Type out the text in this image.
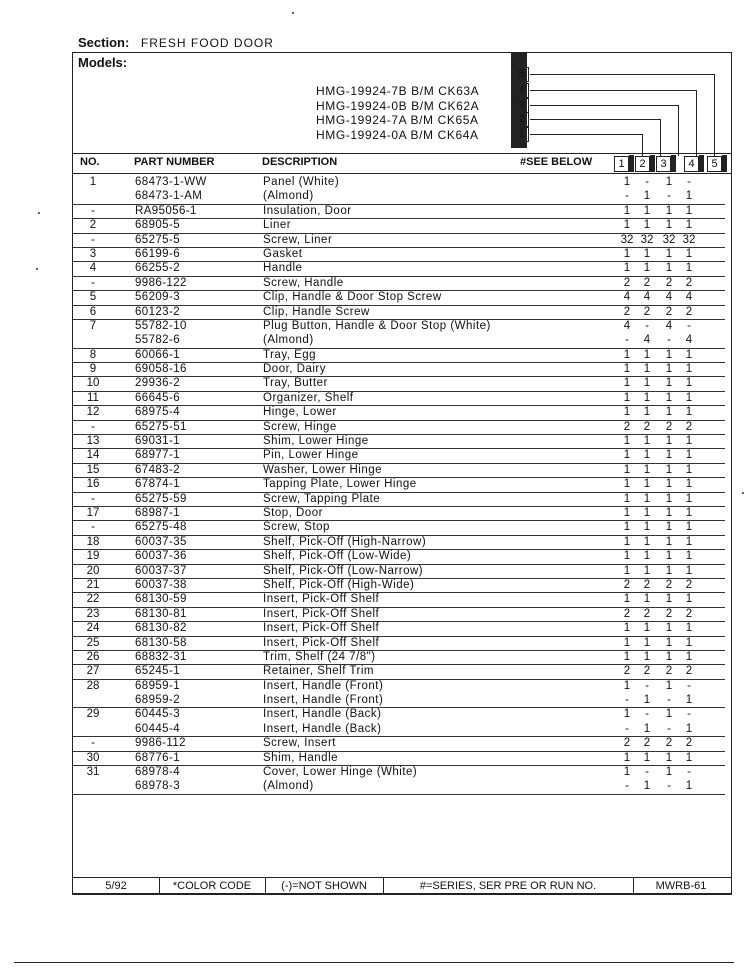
Section: FRESH FOOD DOOR
Models:
5
HMG-19924-7B B/M CK63A
HMG-19924-0B B/M CK62A
HMG-19924-7A B/M CK65A
HMG-19924-0A B/M CK64A
4
3
2
1
NO.	PART NUMBER	DESCRIPTION	#SEE BELOW	1	2	3	4	5
1	68473-1-WW	Panel (White)	1	-	1	-
68473-1-AM	(Almond)	-	1	-	1
-	RA95056-1	Insulation, Door	1	1	1	1
2	68905-5	Liner	1	1	1	1
-	65275-5	Screw, Liner	32 32 32 32
3	66199-6	Gasket	1	1	1	1
4	66255-2	Handle	1	1	1	1
-	9986-122	Screw, Handle	2	2	2	2
5	56209-3	Clip, Handle & Door Stop Screw	4	4	4	4
6	60123-2	Clip, Handle Screw	2	2	2	2
7	55782-10	Plug Button, Handle & Door Stop (White)	4	-	4	-
55782-6	(Almond)	-	4	-	4
8	60066-1	Tray, Egg	1	1	1	1
9	69058-16	Door, Dairy	1	1	1	1
10	29936-2	Tray, Butter	1	1	1	1
11	66645-6	Organizer, Shelf	1	1	1	1
12	68975-4	Hinge, Lower	1	1	1	1
-	65275-51	Screw, Hinge	2	2	2	2
13	69031-1	Shim, Lower Hinge	1	1	1	1
14	68977-1	Pin, Lower Hinge	1	1	1	1
15	67483-2	Washer, Lower Hinge	1	1	1	1
16	67874-1	Tapping Plate, Lower Hinge	1	1	1	1
-	65275-59	Screw, Tapping Plate	1	1	1	1
17	68987-1	Stop, Door	1	1	1	1
-	65275-48	Screw, Stop	1	1	1	1
18	60037-35	Shelf, Pick-Off (High-Narrow)	1	1	1	1
19	60037-36	Shelf, Pick-Off (Low-Wide)	1	1	1	1
20	60037-37	Shelf, Pick-Off (Low-Narrow)	1	1	1	1
21	60037-38	Shelf, Pick-Off (High-Wide)	2	2	2	2
22	68130-59	Insert, Pick-Off Shelf	1	1	1	1
23	68130-81	Insert, Pick-Off Shelf	2	2	2	2
24	68130-82	Insert, Pick-Off Shelf	1	1	1	1
25	68130-58	Insert, Pick-Off Shelf	1	1	1	1
26	68832-31	Trim, Shelf (24 7/8")	1	1	1	1
27	65245-1	Retainer, Shelf Trim	2	2	2	2
28	68959-1	Insert, Handle (Front)	1	-	1	-
68959-2	Insert, Handle (Front)	-	1	-	1
29	60445-3	Insert, Handle (Back)	1	-	1	-
60445-4	Insert, Handle (Back)	-	1	-	1
-	9986-112	Screw, Insert	2	2	2	2
30	68776-1	Shim, Handle	1	1	1	1
31	68978-4	Cover, Lower Hinge (White)	1	-	1	-
68978-3	(Almond)	-	1	-	1
5/92	*COLOR CODE	(-)=NOT SHOWN	#=SERIES, SER PRE OR RUN NO.	MWRB-61
